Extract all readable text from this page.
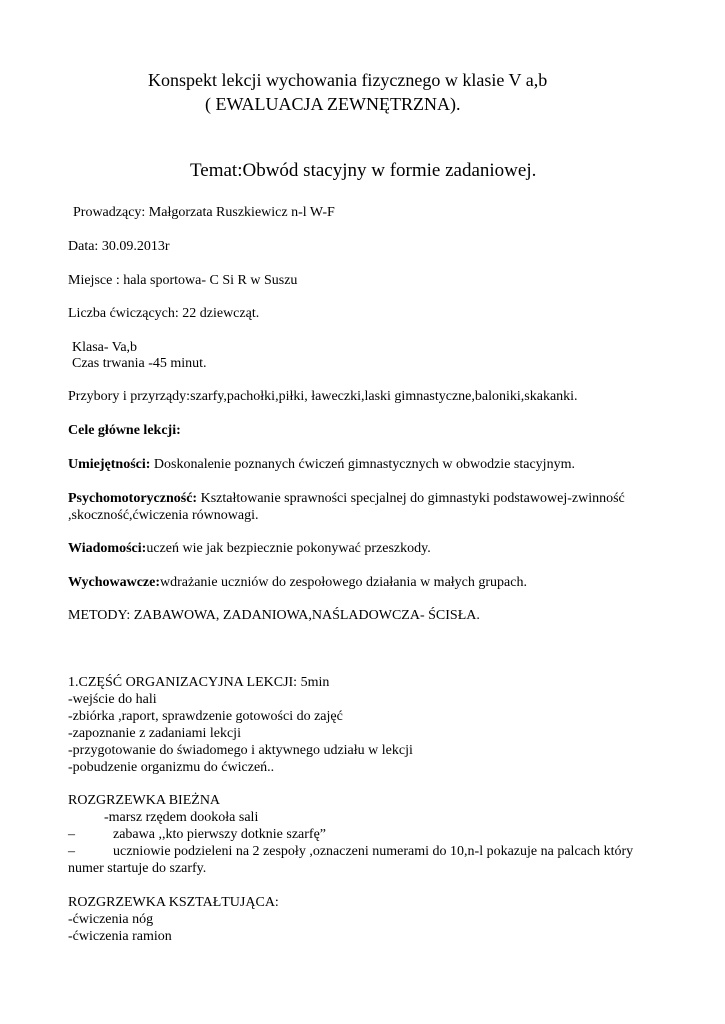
Konspekt lekcji wychowania fizycznego w klasie V a,b
( EWALUACJA ZEWNĘTRZNA).
Temat:Obwód stacyjny w formie zadaniowej.
Prowadzący: Małgorzata Ruszkiewicz n-l W-F
Data: 30.09.2013r
Miejsce : hala sportowa- C Si R w Suszu
Liczba ćwiczących: 22 dziewcząt.
Klasa- Va,b
Czas trwania -45 minut.
Przybory i przyrządy:szarfy,pachołki,piłki, ławeczki,laski gimnastyczne,baloniki,skakanki.
Cele główne lekcji:
Umiejętności: Doskonalenie poznanych ćwiczeń gimnastycznych w obwodzie stacyjnym.
Psychomotoryczność: Kształtowanie sprawności specjalnej do gimnastyki podstawowej-zwinność
,skoczność,ćwiczenia równowagi.
Wiadomości:uczeń wie jak bezpiecznie pokonywać przeszkody.
Wychowawcze:wdrażanie uczniów do zespołowego działania w małych grupach.
METODY: ZABAWOWA, ZADANIOWA,NAŚLADOWCZA- ŚCISŁA.
1.CZĘŚĆ ORGANIZACYJNA LEKCJI: 5min
-wejście do hali
-zbiórka ,raport, sprawdzenie gotowości do zajęć
-zapoznanie z zadaniami lekcji
-przygotowanie do świadomego i aktywnego udziału w lekcji
-pobudzenie organizmu do ćwiczeń..
ROZGRZEWKA BIEŻNA
-marsz rzędem dookoła sali
–	zabawa ,,kto pierwszy dotknie szarfę”
–	uczniowie podzieleni na 2 zespoły ,oznaczeni numerami do 10,n-l pokazuje na palcach który
numer startuje do szarfy.
ROZGRZEWKA KSZTAŁTUJĄCA:
-ćwiczenia nóg
-ćwiczenia ramion
